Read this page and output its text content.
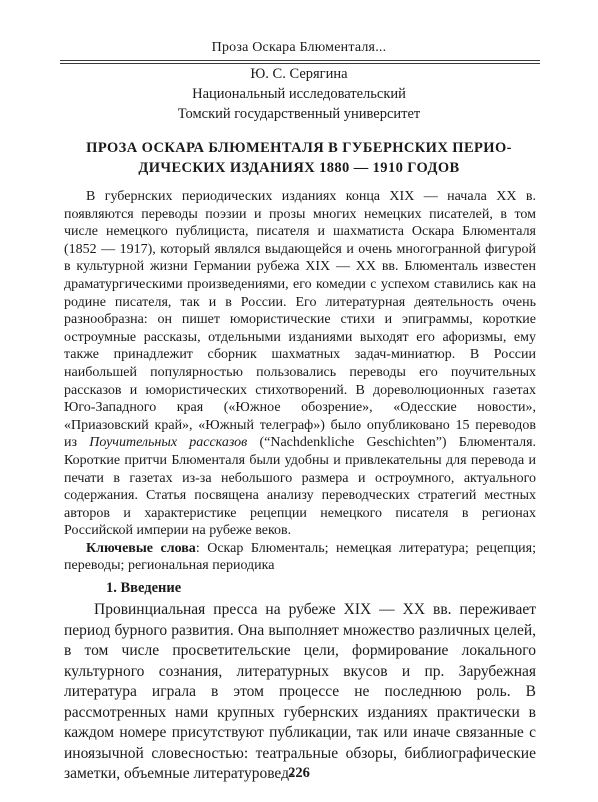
Проза Оскара Блюменталя...
Ю. С. Серягина
Национальный исследовательский
Томский государственный университет
ПРОЗА ОСКАРА БЛЮМЕНТАЛЯ В ГУБЕРНСКИХ ПЕРИО-
ДИЧЕСКИХ ИЗДАНИЯХ 1880 — 1910 ГОДОВ

В губернских периодических изданиях конца XIX — начала XX в. появляются переводы поэзии и прозы многих немецких писателей, в том числе немецкого публициста, писателя и шахматиста Оскара Блюменталя (1852 — 1917), который являлся выдающейся и очень многогранной фигурой в культурной жизни Германии рубежа XIX — XX вв. Блюменталь известен драматургическими произведениями, его комедии с успехом ставились как на родине писателя, так и в России. Его литературная деятельность очень разнообразна: он пишет юмористические стихи и эпиграммы, короткие остроумные рассказы, отдельными изданиями выходят его афоризмы, ему также принадлежит сборник шахматных задач-миниатюр. В России наибольшей популярностью пользовались переводы его поучительных рассказов и юмористических стихотворений. В дореволюционных газетах Юго-Западного края («Южное обозрение», «Одесские новости», «Приазовский край», «Южный телеграф») было опубликовано 15 переводов из Поучительных рассказов (“Nachdenkliche Geschichten”) Блюменталя. Короткие притчи Блюменталя были удобны и привлекательны для перевода и печати в газетах из-за небольшого размера и остроумного, актуального содержания. Статья посвящена анализу переводческих стратегий местных авторов и характеристике рецепции немецкого писателя в регионах Российской империи на рубеже веков.

Ключевые слова: Оскар Блюменталь; немецкая литература; рецепция; переводы; региональная периодика

1. Введение

Провинциальная пресса на рубеже XIX — XX вв. переживает период бурного развития. Она выполняет множество различных целей, в том числе просветительские цели, формирование локального культурного сознания, литературных вкусов и пр. Зарубежная литература играла в этом процессе не последнюю роль. В рассмотренных нами крупных губернских изданиях практически в каждом номере присутствуют публикации, так или иначе связанные с иноязычной словесностью: театральные обзоры, библиографические заметки, объемные литературовед-

226
